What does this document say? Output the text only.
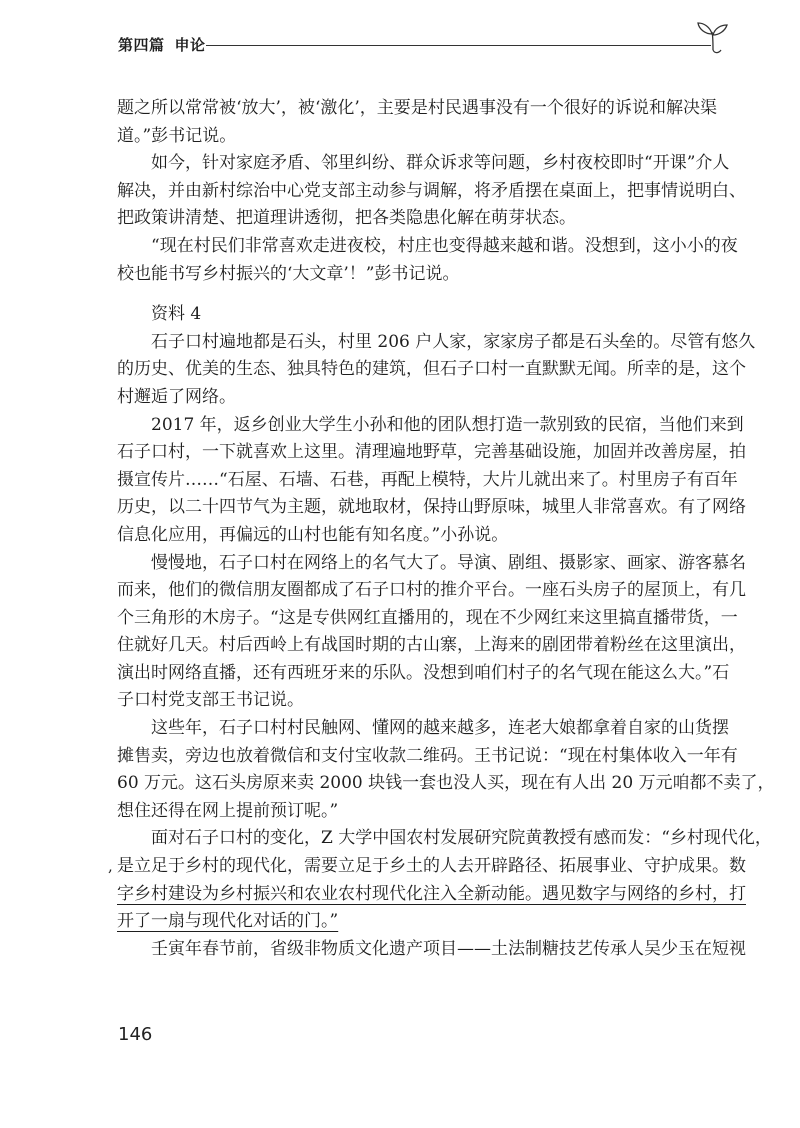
第四篇 申论
题之所以常常被‘放大’，被‘激化’，主要是村民遇事没有一个很好的诉说和解决渠
道。”彭书记说。
如今，针对家庭矛盾、邻里纠纷、群众诉求等问题，乡村夜校即时“开课”介人
解决，并由新村综治中心党支部主动参与调解，将矛盾摆在桌面上，把事情说明白、
把政策讲清楚、把道理讲透彻，把各类隐患化解在萌芽状态。
“现在村民们非常喜欢走进夜校，村庄也变得越来越和谐。没想到，这小小的夜
校也能书写乡村振兴的‘大文章’！”彭书记说。
资料 4
石子口村遍地都是石头，村里 206 户人家，家家房子都是石头垒的。尽管有悠久
的历史、优美的生态、独具特色的建筑，但石子口村一直默默无闻。所幸的是，这个
村邂逅了网络。
2017 年，返乡创业大学生小孙和他的团队想打造一款别致的民宿，当他们来到
石子口村，一下就喜欢上这里。清理遍地野草，完善基础设施，加固并改善房屋，拍
摄宣传片……“石屋、石墙、石巷，再配上模特，大片儿就出来了。村里房子有百年
历史，以二十四节气为主题，就地取材，保持山野原味，城里人非常喜欢。有了网络
信息化应用，再偏远的山村也能有知名度。”小孙说。
慢慢地，石子口村在网络上的名气大了。导演、剧组、摄影家、画家、游客慕名
而来，他们的微信朋友圈都成了石子口村的推介平台。一座石头房子的屋顶上，有几
个三角形的木房子。“这是专供网红直播用的，现在不少网红来这里搞直播带货，一
住就好几天。村后西岭上有战国时期的古山寨，上海来的剧团带着粉丝在这里演出，
演出时网络直播，还有西班牙来的乐队。没想到咱们村子的名气现在能这么大。”石
子口村党支部王书记说。
这些年，石子口村村民触网、懂网的越来越多，连老大娘都拿着自家的山货摆
摊售卖，旁边也放着微信和支付宝收款二维码。王书记说：“现在村集体收入一年有
60 万元。这石头房原来卖 2000 块钱一套也没人买，现在有人出 20 万元咱都不卖了，
想住还得在网上提前预订呢。”
面对石子口村的变化，Z 大学中国农村发展研究院黄教授有感而发：“乡村现代化，
, 是立足于乡村的现代化，需要立足于乡土的人去开辟路径、拓展事业、守护成果。数
字乡村建设为乡村振兴和农业农村现代化注入全新动能。遇见数字与网络的乡村，打
开了一扇与现代化对话的门。”
壬寅年春节前，省级非物质文化遗产项目——土法制糖技艺传承人吴少玉在短视
146
